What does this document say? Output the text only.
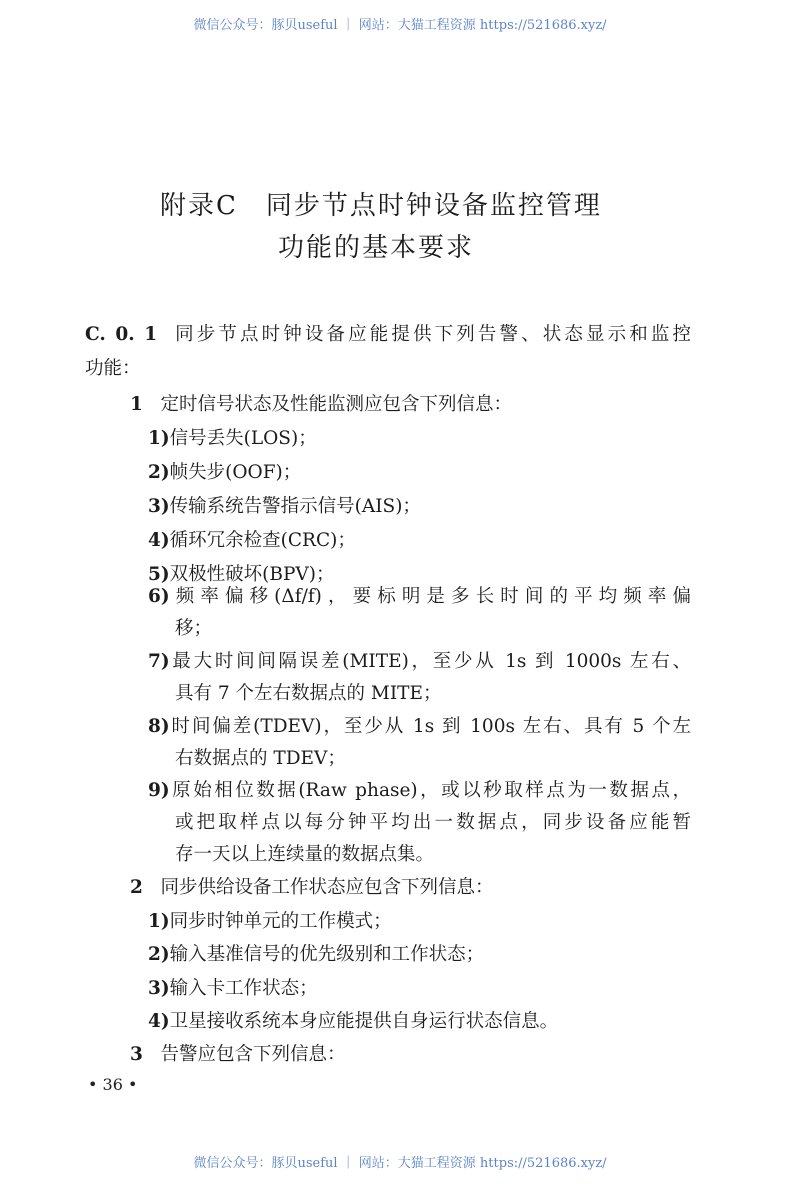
微信公众号：豚贝useful ｜ 网站：大猫工程资源 https://521686.xyz/
附录C　同步节点时钟设备监控管理
功能的基本要求
C. 0. 1 同步节点时钟设备应能提供下列告警、状态显示和监控
功能：
1 定时信号状态及性能监测应包含下列信息：
1)信号丢失(LOS)；
2)帧失步(OOF)；
3)传输系统告警指示信号(AIS)；
4)循环冗余检查(CRC)；
5)双极性破坏(BPV)；
6)频率偏移(Δf/f)，要标明是多长时间的平均频率偏
移；
7)最大时间间隔误差(MITE)，至少从 1s 到 1000s 左右、
具有 7 个左右数据点的 MITE；
8)时间偏差(TDEV)，至少从 1s 到 100s 左右、具有 5 个左
右数据点的 TDEV；
9)原始相位数据(Raw phase)，或以秒取样点为一数据点，
或把取样点以每分钟平均出一数据点，同步设备应能暂
存一天以上连续量的数据点集。
2 同步供给设备工作状态应包含下列信息：
1)同步时钟单元的工作模式；
2)输入基准信号的优先级别和工作状态；
3)输入卡工作状态；
4)卫星接收系统本身应能提供自身运行状态信息。
3 告警应包含下列信息：
• 36 •
微信公众号：豚贝useful ｜ 网站：大猫工程资源 https://521686.xyz/
